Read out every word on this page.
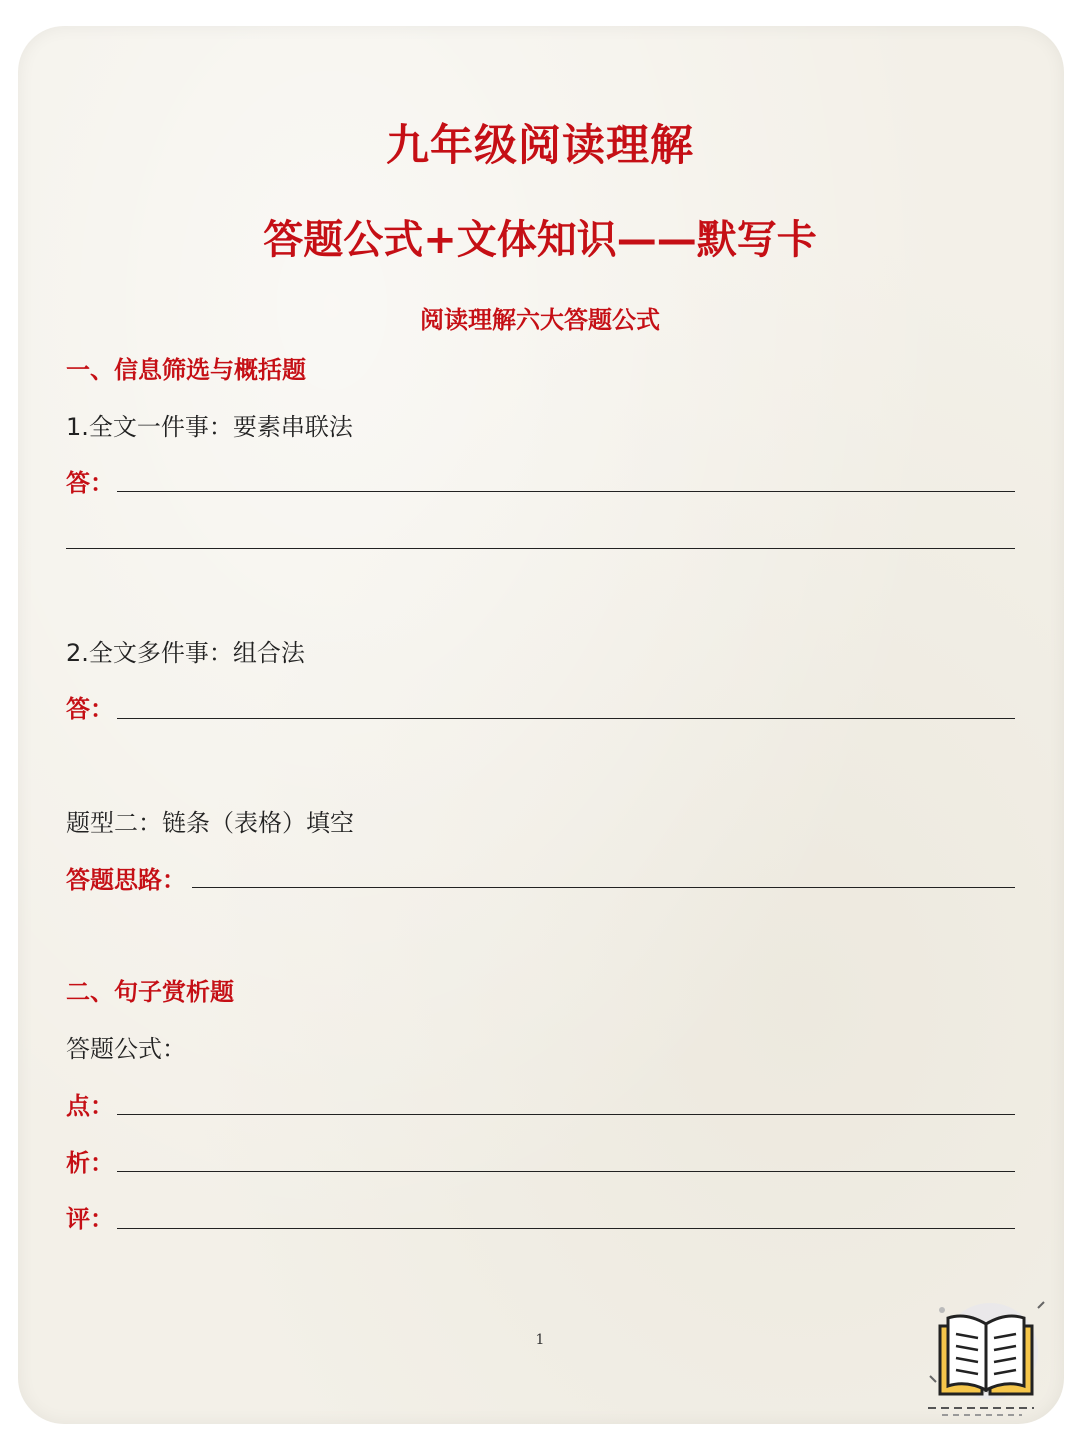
九年级阅读理解
答题公式+文体知识——默写卡
阅读理解六大答题公式
一、信息筛选与概括题
1.全文一件事：要素串联法
答：
2.全文多件事：组合法
答：
题型二：链条（表格）填空
答题思路：
二、句子赏析题
答题公式：
点：
析：
评：
1
